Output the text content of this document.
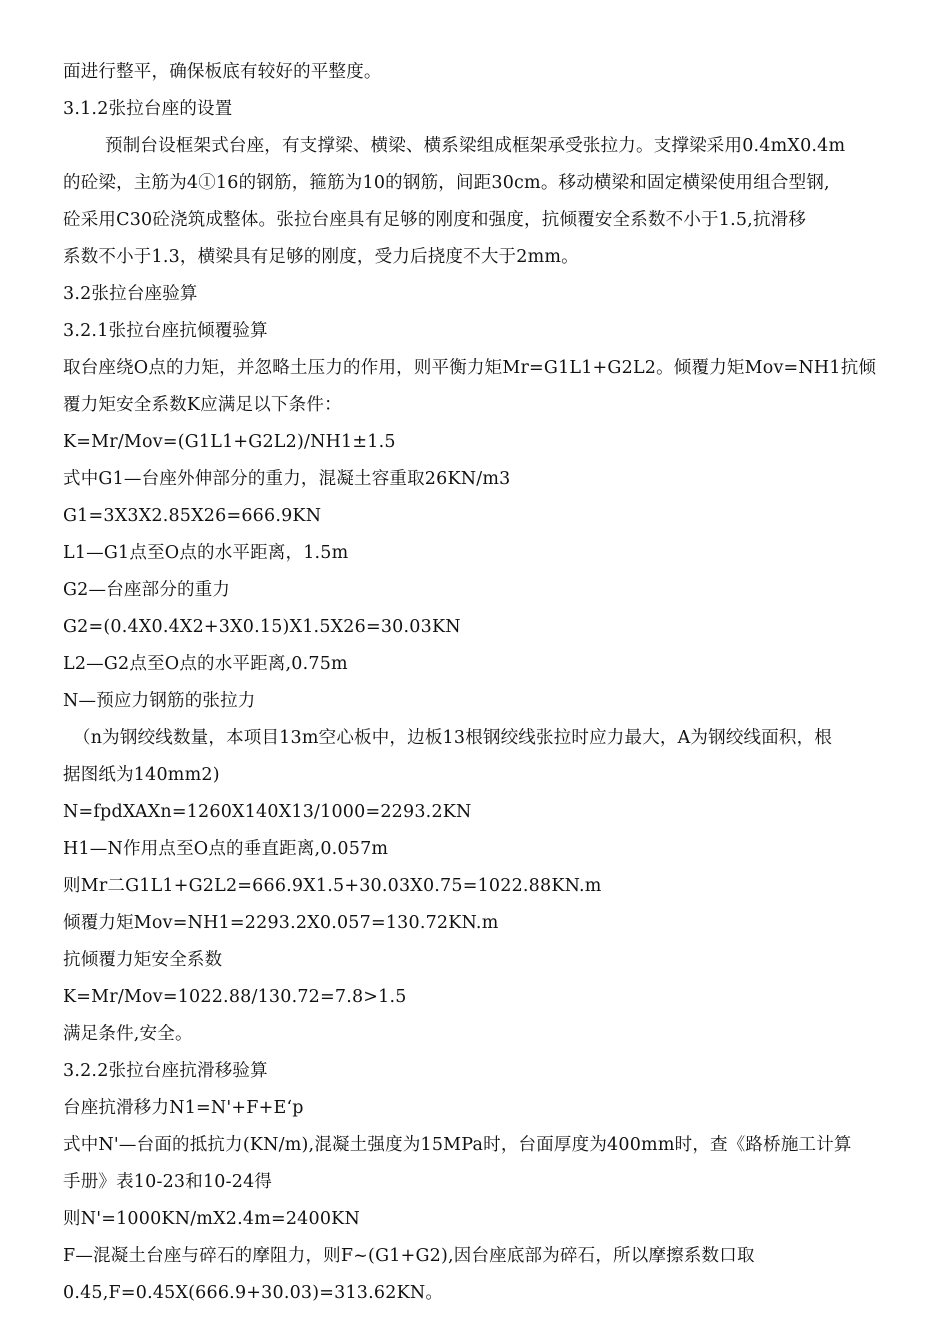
面进行整平，确保板底有较好的平整度。
3.1.2张拉台座的设置
预制台设框架式台座，有支撑梁、横梁、横系梁组成框架承受张拉力。支撑梁采用0.4mX0.4m
的砼梁，主筋为4①16的钢筋，箍筋为10的钢筋，间距30cm。移动横梁和固定横梁使用组合型钢,
砼采用C30砼浇筑成整体。张拉台座具有足够的刚度和强度，抗倾覆安全系数不小于1.5,抗滑移
系数不小于1.3，横梁具有足够的刚度，受力后挠度不大于2mm。
3.2张拉台座验算
3.2.1张拉台座抗倾覆验算
取台座绕O点的力矩，并忽略土压力的作用，则平衡力矩Mr=G1L1+G2L2。倾覆力矩Mov=NH1抗倾
覆力矩安全系数K应满足以下条件：
K=Mr/Mov=(G1L1+G2L2)/NH1±1.5
式中G1—台座外伸部分的重力，混凝土容重取26KN/m3
G1=3X3X2.85X26=666.9KN
L1—G1点至O点的水平距离，1.5m
G2—台座部分的重力
G2=(0.4X0.4X2+3X0.15)X1.5X26=30.03KN
L2—G2点至O点的水平距离,0.75m
N—预应力钢筋的张拉力
（n为钢绞线数量，本项目13m空心板中，边板13根钢绞线张拉时应力最大，A为钢绞线面积，根
据图纸为140mm2)
N=fpdXAXn=1260X140X13/1000=2293.2KN
H1—N作用点至O点的垂直距离,0.057m
则Mr二G1L1+G2L2=666.9X1.5+30.03X0.75=1022.88KN.m
倾覆力矩Mov=NH1=2293.2X0.057=130.72KN.m
抗倾覆力矩安全系数
K=Mr/Mov=1022.88/130.72=7.8>1.5
满足条件,安全。
3.2.2张拉台座抗滑移验算
台座抗滑移力N1=N'+F+E‘p
式中N'—台面的抵抗力(KN/m),混凝土强度为15MPa时，台面厚度为400mm时，查《路桥施工计算
手册》表10-23和10-24得
则N'=1000KN/mX2.4m=2400KN
F—混凝土台座与碎石的摩阻力，则F~(G1+G2),因台座底部为碎石，所以摩擦系数口取
0.45,F=0.45X(666.9+30.03)=313.62KN。
